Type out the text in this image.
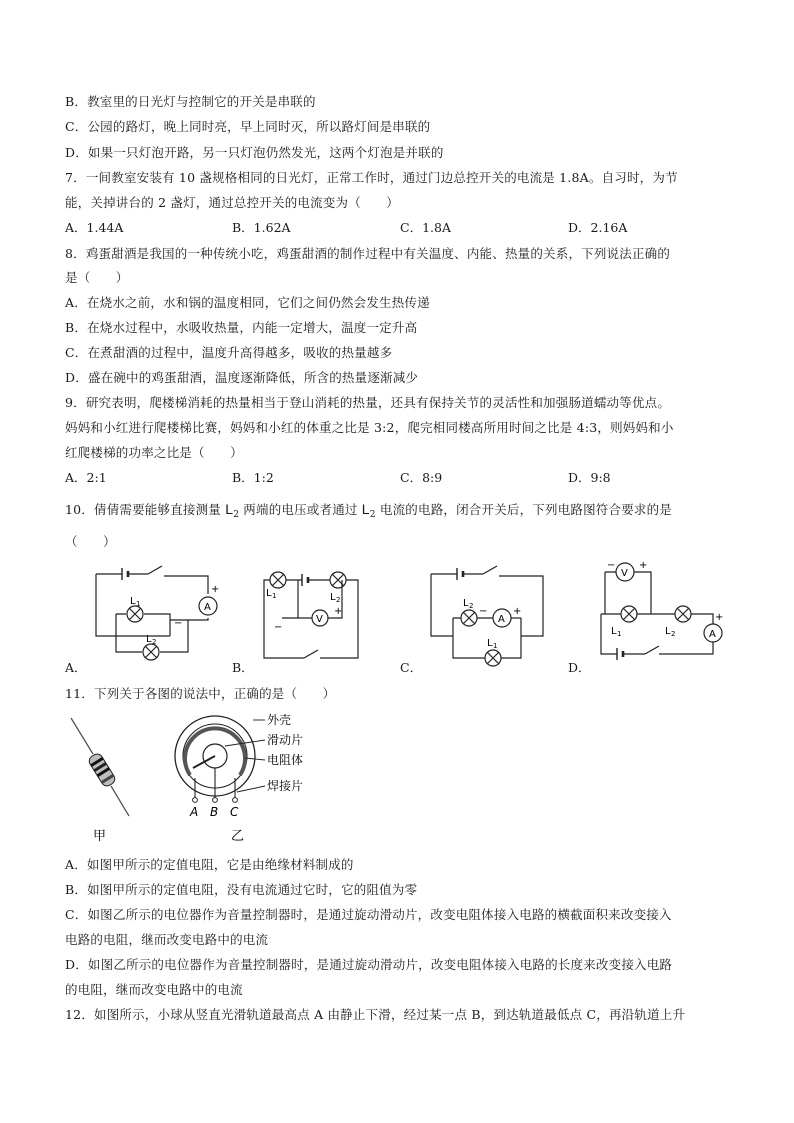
B．教室里的日光灯与控制它的开关是串联的
C．公园的路灯，晚上同时亮，早上同时灭，所以路灯间是串联的
D．如果一只灯泡开路，另一只灯泡仍然发光，这两个灯泡是并联的
7．一间教室安装有 10 盏规格相同的日光灯，正常工作时，通过门边总控开关的电流是 1.8A。自习时，为节
能，关掉讲台的 2 盏灯，通过总控开关的电流变为（　　）
A．1.44A	B．1.62A	C．1.8A	D．2.16A
8．鸡蛋甜酒是我国的一种传统小吃，鸡蛋甜酒的制作过程中有关温度、内能、热量的关系，下列说法正确的
是（　　）
A．在烧水之前，水和锅的温度相同，它们之间仍然会发生热传递
B．在烧水过程中，水吸收热量，内能一定增大，温度一定升高
C．在煮甜酒的过程中，温度升高得越多，吸收的热量越多
D．盛在碗中的鸡蛋甜酒，温度逐渐降低，所含的热量逐渐减少
9．研究表明，爬楼梯消耗的热量相当于登山消耗的热量，还具有保持关节的灵活性和加强肠道蠕动等优点。
妈妈和小红进行爬楼梯比赛，妈妈和小红的体重之比是 3:2，爬完相同楼高所用时间之比是 4:3，则妈妈和小
红爬楼梯的功率之比是（　　）
A．2:1	B．1:2	C．8:9	D．9:8
10．倩倩需要能够直接测量 $L_2$ 两端的电压或者通过 $L_2$ 电流的电路，闭合开关后，下列电路图符合要求的是
（　　）
A
+
L 1
L 2
−
A．
V
L 1	L 2
−
+
B．
A
L 2
L 1
−	+
C．
V
A
L 1	L 2
− +
+
D．
11．下列关于各图的说法中，正确的是（　　）
甲
外壳
滑动片
电阻体
焊接片
A B C
乙
A．如图甲所示的定值电阻，它是由绝缘材料制成的
B．如图甲所示的定值电阻，没有电流通过它时，它的阻值为零
C．如图乙所示的电位器作为音量控制器时，是通过旋动滑动片，改变电阻体接入电路的横截面积来改变接入
电路的电阻，继而改变电路中的电流
D．如图乙所示的电位器作为音量控制器时，是通过旋动滑动片，改变电阻体接入电路的长度来改变接入电路
的电阻，继而改变电路中的电流
12．如图所示，小球从竖直光滑轨道最高点 A 由静止下滑，经过某一点 B，到达轨道最低点 C，再沿轨道上升
